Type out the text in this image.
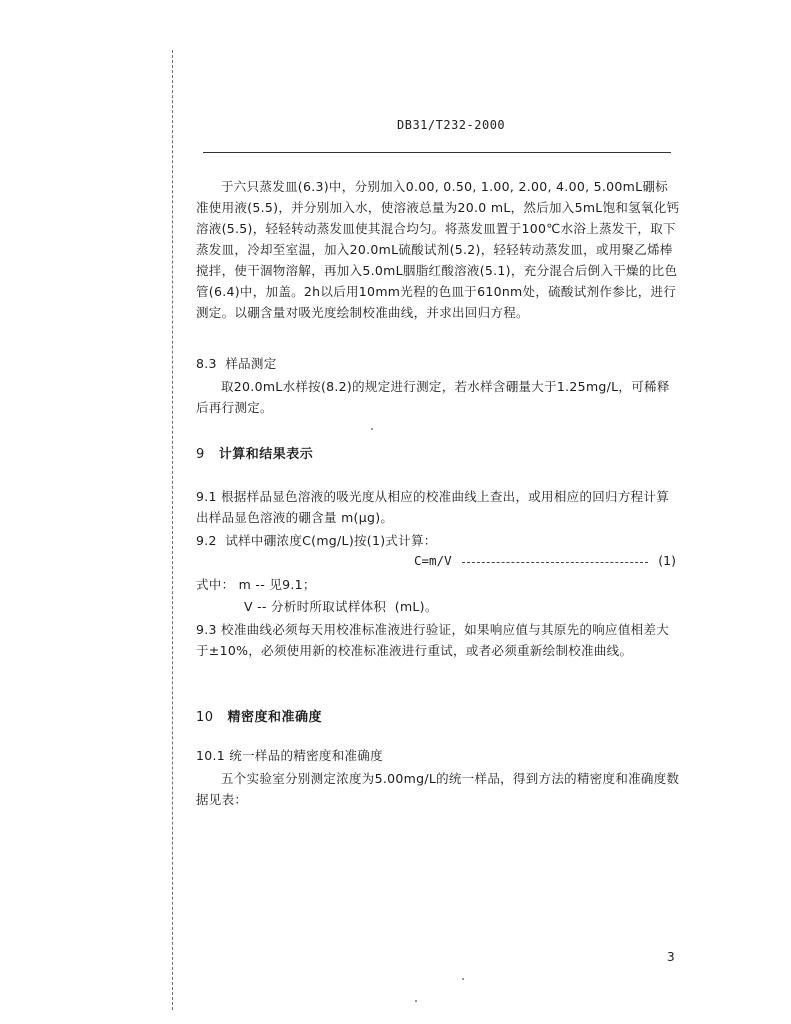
DB31/T232-2000

于六只蒸发皿(6.3)中，分别加入0.00, 0.50, 1.00, 2.00, 4.00, 5.00mL硼标准使用液(5.5)，并分别加入水，使溶液总量为20.0 mL，然后加入5mL饱和氢氧化钙溶液(5.5)，轻轻转动蒸发皿使其混合均匀。将蒸发皿置于100℃水浴上蒸发干，取下蒸发皿，冷却至室温，加入20.0mL硫酸试剂(5.2)，轻轻转动蒸发皿，或用聚乙烯棒搅拌，使干涸物溶解，再加入5.0mL胭脂红酸溶液(5.1)，充分混合后倒入干燥的比色管(6.4)中，加盖。2h以后用10mm光程的色皿于610nm处，硫酸试剂作参比，进行测定。以硼含量对吸光度绘制校准曲线，并求出回归方程。

8.3  样品测定

取20.0mL水样按(8.2)的规定进行测定，若水样含硼量大于1.25mg/L，可稀释后再行测定。

9 计算和结果表示

9.1 根据样品显色溶液的吸光度从相应的校准曲线上查出，或用相应的回归方程计算出样品显色溶液的硼含量 m(μg)。

9.2  试样中硼浓度C(mg/L)按(1)式计算：

C=m/V	(1)

式中： m -- 见9.1；

V -- 分析时所取试样体积  (mL)。

9.3 校准曲线必须每天用校准标准液进行验证，如果响应值与其原先的响应值相差大于±10%，必须使用新的校准标准液进行重试，或者必须重新绘制校准曲线。

10 精密度和准确度

10.1 统一样品的精密度和准确度

五个实验室分别测定浓度为5.00mg/L的统一样品，得到方法的精密度和准确度数据见表：

3
